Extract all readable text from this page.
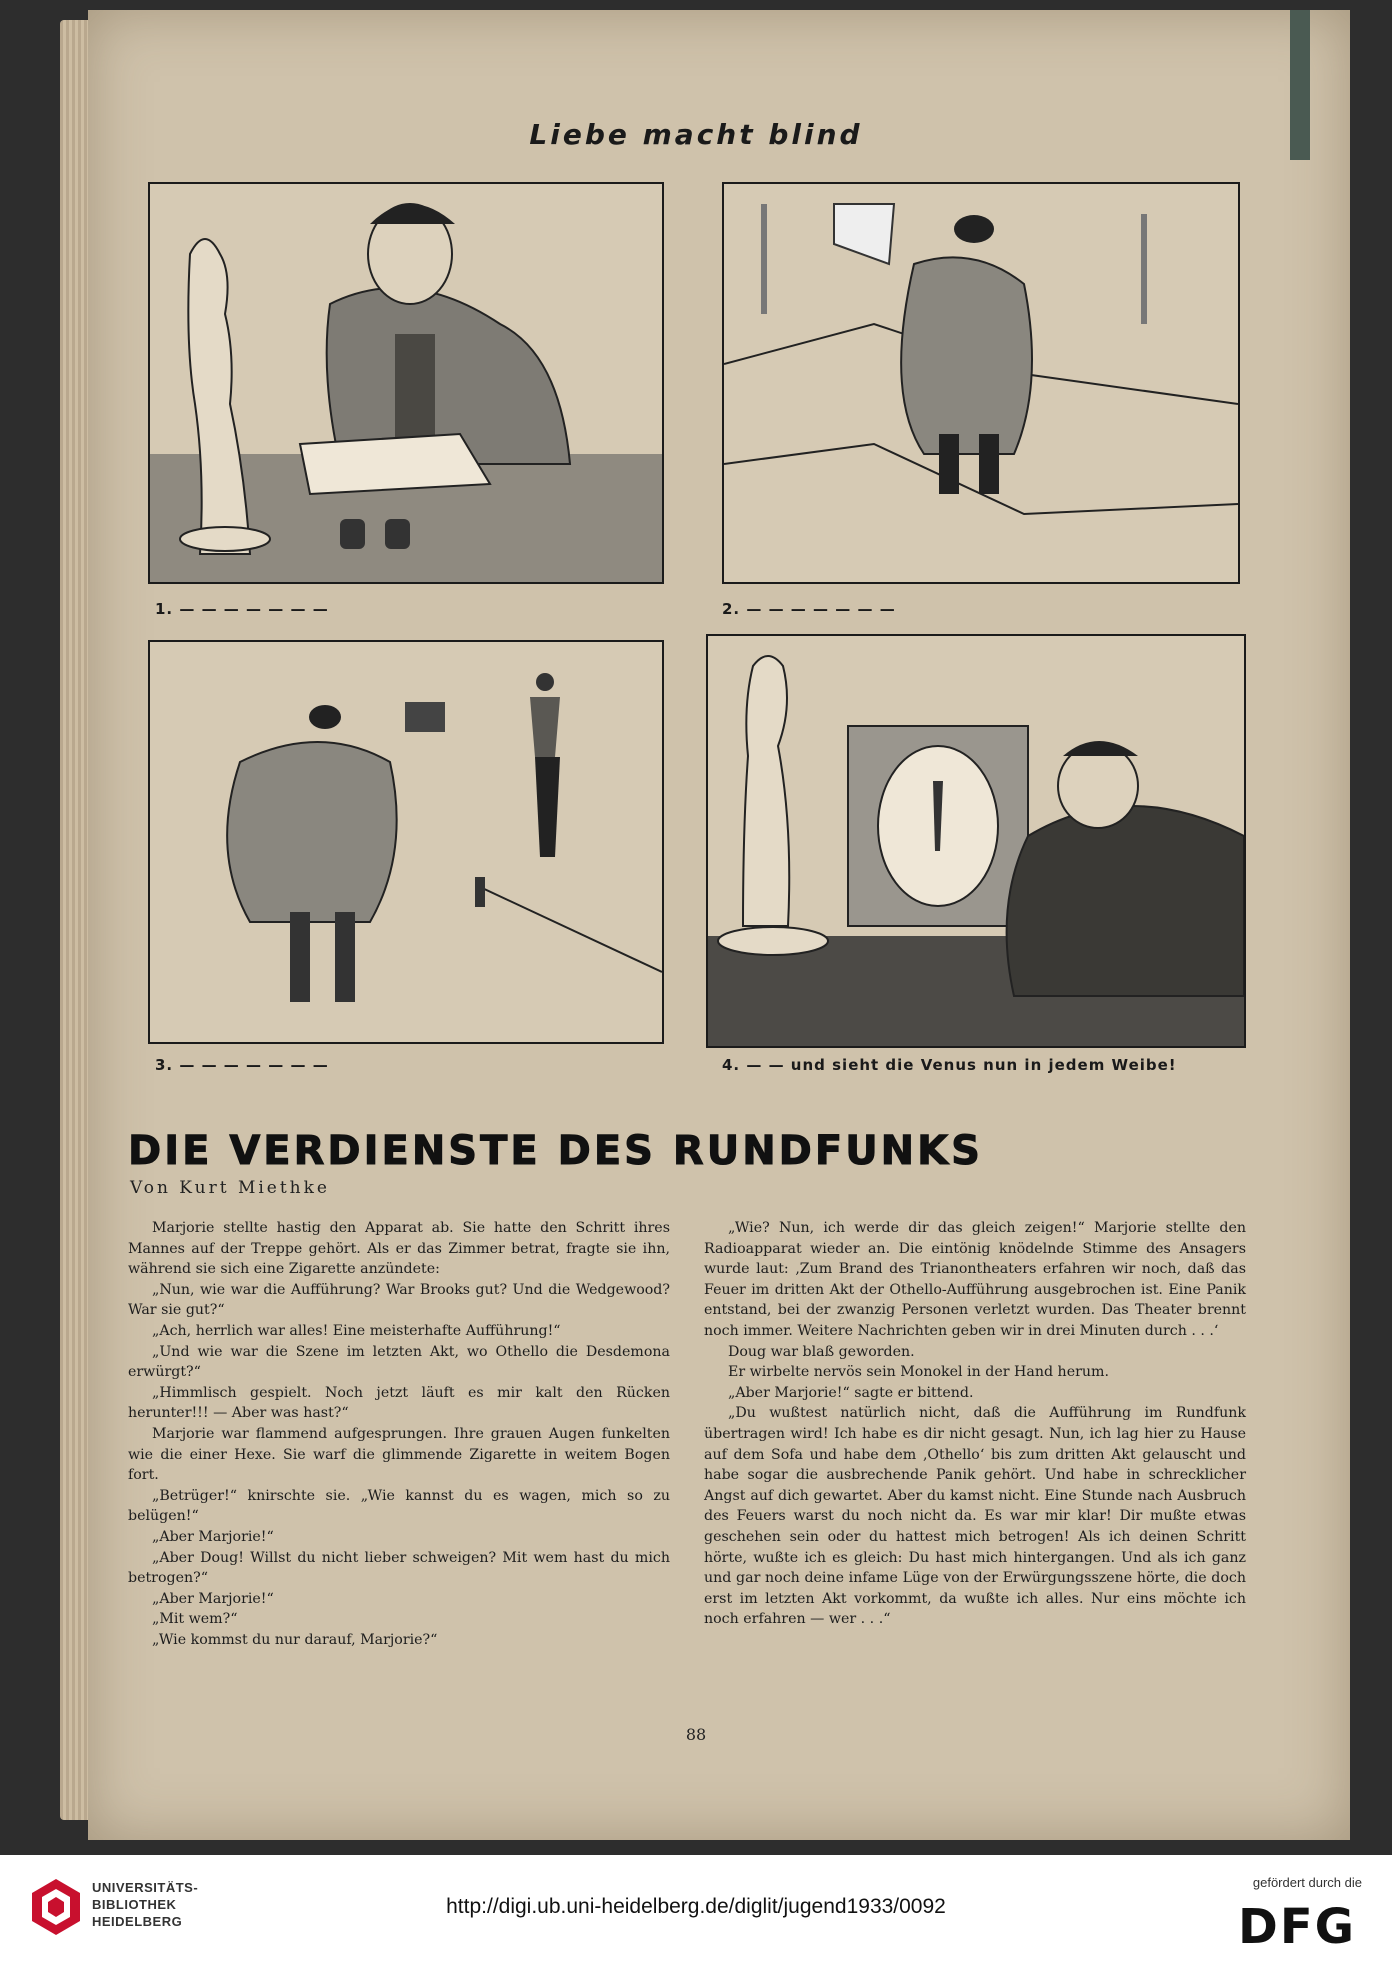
Liebe macht blind
1. — — — — — — —	2. — — — — — — —
3. — — — — — — —	4. — — und sieht die Venus nun in jedem Weibe!
DIE VERDIENSTE DES RUNDFUNKS
Von Kurt Miethke

Marjorie stellte hastig den Apparat ab. Sie hatte den Schritt ihres Mannes auf der Treppe gehört. Als er das Zimmer betrat, fragte sie ihn, während sie sich eine Zigarette anzündete:

„Nun, wie war die Aufführung? War Brooks gut? Und die Wedgewood? War sie gut?“

„Ach, herrlich war alles! Eine meisterhafte Aufführung!“

„Und wie war die Szene im letzten Akt, wo Othello die Desdemona erwürgt?“

„Himmlisch gespielt. Noch jetzt läuft es mir kalt den Rücken herunter!!! — Aber was hast?“

Marjorie war flammend aufgesprungen. Ihre grauen Augen funkelten wie die einer Hexe. Sie warf die glimmende Zigarette in weitem Bogen fort.

„Betrüger!“ knirschte sie. „Wie kannst du es wagen, mich so zu belügen!“

„Aber Marjorie!“

„Aber Doug! Willst du nicht lieber schweigen? Mit wem hast du mich betrogen?“

„Aber Marjorie!“

„Mit wem?“

„Wie kommst du nur darauf, Marjorie?“

„Wie? Nun, ich werde dir das gleich zeigen!“ Marjorie stellte den Radioapparat wieder an. Die eintönig knödelnde Stimme des Ansagers wurde laut: ‚Zum Brand des Trianontheaters erfahren wir noch, daß das Feuer im dritten Akt der Othello-Aufführung ausgebrochen ist. Eine Panik entstand, bei der zwanzig Personen verletzt wurden. Das Theater brennt noch immer. Weitere Nachrichten geben wir in drei Minuten durch . . .‘

Doug war blaß geworden.

Er wirbelte nervös sein Monokel in der Hand herum.

„Aber Marjorie!“ sagte er bittend.

„Du wußtest natürlich nicht, daß die Aufführung im Rundfunk übertragen wird! Ich habe es dir nicht gesagt. Nun, ich lag hier zu Hause auf dem Sofa und habe dem ‚Othello‘ bis zum dritten Akt gelauscht und habe sogar die ausbrechende Panik gehört. Und habe in schrecklicher Angst auf dich gewartet. Aber du kamst nicht. Eine Stunde nach Ausbruch des Feuers warst du noch nicht da. Es war mir klar! Dir mußte etwas geschehen sein oder du hattest mich betrogen! Als ich deinen Schritt hörte, wußte ich es gleich: Du hast mich hintergangen. Und als ich ganz und gar noch deine infame Lüge von der Erwürgungsszene hörte, die doch erst im letzten Akt vorkommt, da wußte ich alles. Nur eins möchte ich noch erfahren — wer . . .“

88
UNIVERSITÄTS-
BIBLIOTHEK
HEIDELBERG
http://digi.ub.uni-heidelberg.de/diglit/jugend1933/0092
gefördert durch die
DFG
